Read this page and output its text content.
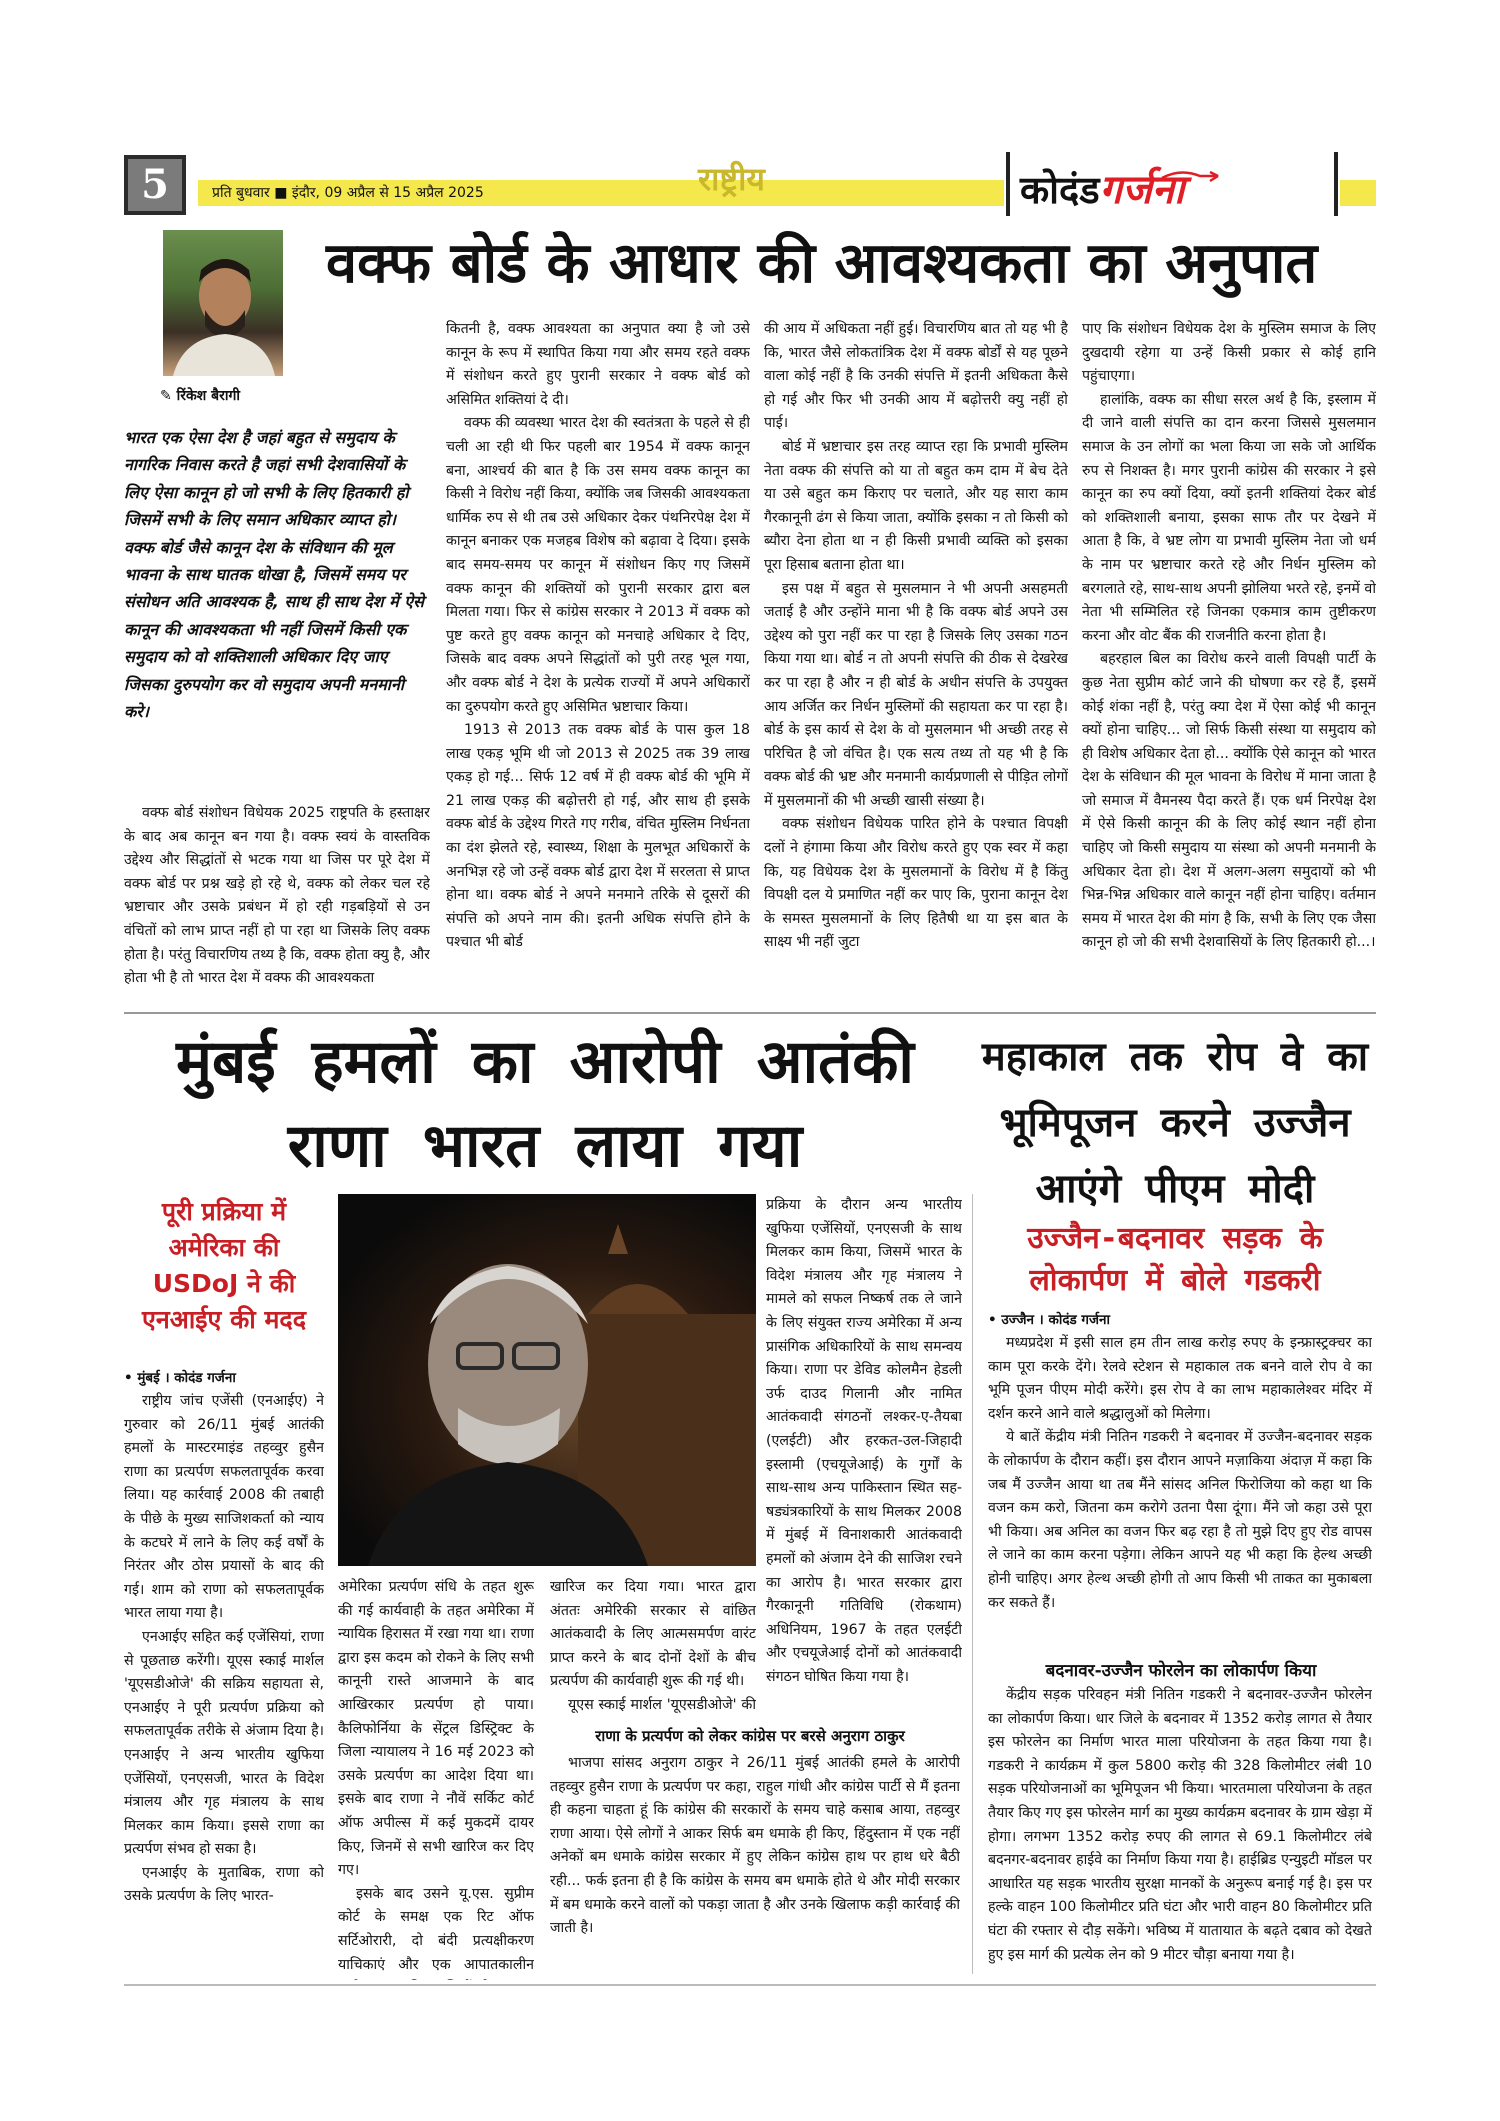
5	प्रति बुधवार ■ इंदौर, 09 अप्रैल से 15 अप्रैल 2025	राष्ट्रीय	कोदंडगर्जना
✎ रिंकेश बैरागी
वक्फ बोर्ड के आधार की आवश्यकता का अनुपात
भारत एक ऐसा देश है जहां बहुत से समुदाय के नागरिक निवास करते है जहां सभी देशवासियों के लिए ऐसा कानून हो जो सभी के लिए हितकारी हो जिसमें सभी के लिए समान अधिकार व्याप्त हो। वक्फ बोर्ड जैसे कानून देश के संविधान की मूल भावना के साथ घातक धोखा है, जिसमें समय पर संसोधन अति आवश्यक है, साथ ही साथ देश में ऐसे कानून की आवश्यकता भी नहीं जिसमें किसी एक समुदाय को वो शक्तिशाली अधिकार दिए जाए जिसका दुरुपयोग कर वो समुदाय अपनी मनमानी करे।

वक्फ बोर्ड संशोधन विधेयक 2025 राष्ट्रपति के हस्ताक्षर के बाद अब कानून बन गया है। वक्फ स्वयं के वास्तविक उद्देश्य और सिद्धांतों से भटक गया था जिस पर पूरे देश में वक्फ बोर्ड पर प्रश्न खड़े हो रहे थे, वक्फ को लेकर चल रहे भ्रष्टाचार और उसके प्रबंधन में हो रही गड़बड़ियों से उन वंचितों को लाभ प्राप्त नहीं हो पा रहा था जिसके लिए वक्फ होता है। परंतु विचारणिय तथ्य है कि, वक्फ होता क्यु है, और होता भी है तो भारत देश में वक्फ की आवश्यकता

कितनी है, वक्फ आवश्यता का अनुपात क्या है जो उसे कानून के रूप में स्थापित किया गया और समय रहते वक्फ में संशोधन करते हुए पुरानी सरकार ने वक्फ बोर्ड को असिमित शक्तियां दे दी।

वक्फ की व्यवस्था भारत देश की स्वतंत्रता के पहले से ही चली आ रही थी फिर पहली बार 1954 में वक्फ कानून बना, आश्चर्य की बात है कि उस समय वक्फ कानून का किसी ने विरोध नहीं किया, क्योंकि जब जिसकी आवश्यकता धार्मिक रुप से थी तब उसे अधिकार देकर पंथनिरपेक्ष देश में कानून बनाकर एक मजहब विशेष को बढ़ावा दे दिया। इसके बाद समय-समय पर कानून में संशोधन किए गए जिसमें वक्फ कानून की शक्तियों को पुरानी सरकार द्वारा बल मिलता गया। फिर से कांग्रेस सरकार ने 2013 में वक्फ को पुष्ट करते हुए वक्फ कानून को मनचाहे अधिकार दे दिए, जिसके बाद वक्फ अपने सिद्धांतों को पुरी तरह भूल गया, और वक्फ बोर्ड ने देश के प्रत्येक राज्यों में अपने अधिकारों का दुरुपयोग करते हुए असिमित भ्रष्टाचार किया।

1913 से 2013 तक वक्फ बोर्ड के पास कुल 18 लाख एकड़ भूमि थी जो 2013 से 2025 तक 39 लाख एकड़ हो गई... सिर्फ 12 वर्ष में ही वक्फ बोर्ड की भूमि में 21 लाख एकड़ की बढ़ोत्तरी हो गई, और साथ ही इसके वक्फ बोर्ड के उद्देश्य गिरते गए गरीब, वंचित मुस्लिम निर्धनता का दंश झेलते रहे, स्वास्थ्य, शिक्षा के मुलभूत अधिकारों के अनभिज्ञ रहे जो उन्हें वक्फ बोर्ड द्वारा देश में सरलता से प्राप्त होना था। वक्फ बोर्ड ने अपने मनमाने तरिके से दूसरों की संपत्ति को अपने नाम की। इतनी अधिक संपत्ति होने के पश्चात भी बोर्ड

की आय में अधिकता नहीं हुई। विचारणिय बात तो यह भी है कि, भारत जैसे लोकतांत्रिक देश में वक्फ बोर्डों से यह पूछने वाला कोई नहीं है कि उनकी संपत्ति में इतनी अधिकता कैसे हो गई और फिर भी उनकी आय में बढ़ोत्तरी क्यु नहीं हो पाई।

बोर्ड में भ्रष्टाचार इस तरह व्याप्त रहा कि प्रभावी मुस्लिम नेता वक्फ की संपत्ति को या तो बहुत कम दाम में बेच देते या उसे बहुत कम किराए पर चलाते, और यह सारा काम गैरकानूनी ढंग से किया जाता, क्योंकि इसका न तो किसी को ब्यौरा देना होता था न ही किसी प्रभावी व्यक्ति को इसका पूरा हिसाब बताना होता था।

इस पक्ष में बहुत से मुसलमान ने भी अपनी असहमती जताई है और उन्होंने माना भी है कि वक्फ बोर्ड अपने उस उद्देश्य को पुरा नहीं कर पा रहा है जिसके लिए उसका गठन किया गया था। बोर्ड न तो अपनी संपत्ति की ठीक से देखरेख कर पा रहा है और न ही बोर्ड के अधीन संपत्ति के उपयुक्त आय अर्जित कर निर्धन मुस्लिमों की सहायता कर पा रहा है। बोर्ड के इस कार्य से देश के वो मुसलमान भी अच्छी तरह से परिचित है जो वंचित है। एक सत्य तथ्य तो यह भी है कि वक्फ बोर्ड की भ्रष्ट और मनमानी कार्यप्रणाली से पीड़ित लोगों में मुसलमानों की भी अच्छी खासी संख्या है।

वक्फ संशोधन विधेयक पारित होने के पश्चात विपक्षी दलों ने हंगामा किया और विरोध करते हुए एक स्वर में कहा कि, यह विधेयक देश के मुसलमानों के विरोध में है किंतु विपक्षी दल ये प्रमाणित नहीं कर पाए कि, पुराना कानून देश के समस्त मुसलमानों के लिए हितैषी था या इस बात के साक्ष्य भी नहीं जुटा

पाए कि संशोधन विधेयक देश के मुस्लिम समाज के लिए दुखदायी रहेगा या उन्हें किसी प्रकार से कोई हानि पहुंचाएगा।

हालांकि, वक्फ का सीधा सरल अर्थ है कि, इस्लाम में दी जाने वाली संपत्ति का दान करना जिससे मुसलमान समाज के उन लोगों का भला किया जा सके जो आर्थिक रुप से निशक्त है। मगर पुरानी कांग्रेस की सरकार ने इसे कानून का रुप क्यों दिया, क्यों इतनी शक्तियां देकर बोर्ड को शक्तिशाली बनाया, इसका साफ तौर पर देखने में आता है कि, वे भ्रष्ट लोग या प्रभावी मुस्लिम नेता जो धर्म के नाम पर भ्रष्टाचार करते रहे और निर्धन मुस्लिम को बरगलाते रहे, साथ-साथ अपनी झोलिया भरते रहे, इनमें वो नेता भी सम्मिलित रहे जिनका एकमात्र काम तुष्टीकरण करना और वोट बैंक की राजनीति करना होता है।

बहरहाल बिल का विरोध करने वाली विपक्षी पार्टी के कुछ नेता सुप्रीम कोर्ट जाने की घोषणा कर रहे हैं, इसमें कोई शंका नहीं है, परंतु क्या देश में ऐसा कोई भी कानून क्यों होना चाहिए... जो सिर्फ किसी संस्था या समुदाय को ही विशेष अधिकार देता हो... क्योंकि ऐसे कानून को भारत देश के संविधान की मूल भावना के विरोध में माना जाता है जो समाज में वैमनस्य पैदा करते हैं। एक धर्म निरपेक्ष देश में ऐसे किसी कानून की के लिए कोई स्थान नहीं होना चाहिए जो किसी समुदाय या संस्था को अपनी मनमानी के अधिकार देता हो। देश में अलग-अलग समुदायों को भी भिन्न-भिन्न अधिकार वाले कानून नहीं होना चाहिए। वर्तमान समय में भारत देश की मांग है कि, सभी के लिए एक जैसा कानून हो जो की सभी देशवासियों के लिए हितकारी हो...।

मुंबई हमलों का आरोपी आतंकी
राणा भारत लाया गया
पूरी प्रक्रिया में
अमेरिका की
USDoJ ने की
एनआईए की मदद
• मुंबई । कोदंड गर्जना

राष्ट्रीय जांच एजेंसी (एनआईए) ने गुरुवार को 26/11 मुंबई आतंकी हमलों के मास्टरमाइंड तहव्वुर हुसैन राणा का प्रत्यर्पण सफलतापूर्वक करवा लिया। यह कार्रवाई 2008 की तबाही के पीछे के मुख्य साजिशकर्ता को न्याय के कटघरे में लाने के लिए कई वर्षों के निरंतर और ठोस प्रयासों के बाद की गई। शाम को राणा को सफलतापूर्वक भारत लाया गया है।

एनआईए सहित कई एजेंसियां, राणा से पूछताछ करेंगी। यूएस स्काई मार्शल 'यूएसडीओजे' की सक्रिय सहायता से, एनआईए ने पूरी प्रत्यर्पण प्रक्रिया को सफलतापूर्वक तरीके से अंजाम दिया है। एनआईए ने अन्य भारतीय खुफिया एजेंसियों, एनएसजी, भारत के विदेश मंत्रालय और गृह मंत्रालय के साथ मिलकर काम किया। इससे राणा का प्रत्यर्पण संभव हो सका है।

एनआईए के मुताबिक, राणा को उसके प्रत्यर्पण के लिए भारत-

अमेरिका प्रत्यर्पण संधि के तहत शुरू की गई कार्यवाही के तहत अमेरिका में न्यायिक हिरासत में रखा गया था। राणा द्वारा इस कदम को रोकने के लिए सभी कानूनी रास्ते आजमाने के बाद आखिरकार प्रत्यर्पण हो पाया। कैलिफोर्निया के सेंट्रल डिस्ट्रिक्ट के जिला न्यायालय ने 16 मई 2023 को उसके प्रत्यर्पण का आदेश दिया था। इसके बाद राणा ने नौवें सर्किट कोर्ट ऑफ अपील्स में कई मुकदमें दायर किए, जिनमें से सभी खारिज कर दिए गए।

इसके बाद उसने यू.एस. सुप्रीम कोर्ट के समक्ष एक रिट ऑफ सर्टिओरारी, दो बंदी प्रत्यक्षीकरण याचिकाएं और एक आपातकालीन

खारिज कर दिया गया। भारत द्वारा अंततः अमेरिकी सरकार से वांछित आतंकवादी के लिए आत्मसमर्पण वारंट प्राप्त करने के बाद दोनों देशों के बीच प्रत्यर्पण की कार्यवाही शुरू की गई थी।

यूएस स्काई मार्शल 'यूएसडीओजे' की

प्रक्रिया के दौरान अन्य भारतीय खुफिया एजेंसियों, एनएसजी के साथ मिलकर काम किया, जिसमें भारत के विदेश मंत्रालय और गृह मंत्रालय ने मामले को सफल निष्कर्ष तक ले जाने के लिए संयुक्त राज्य अमेरिका में अन्य प्रासंगिक अधिकारियों के साथ समन्वय किया। राणा पर डेविड कोलमैन हेडली उर्फ दाउद गिलानी और नामित आतंकवादी संगठनों लश्कर-ए-तैयबा (एलईटी) और हरकत-उल-जिहादी इस्लामी (एचयूजेआई) के गुर्गों के साथ-साथ अन्य पाकिस्तान स्थित सह-षड्यंत्रकारियों के साथ मिलकर 2008 में मुंबई में विनाशकारी आतंकवादी हमलों को अंजाम देने की साजिश रचने का आरोप है। भारत सरकार द्वारा गैरकानूनी गतिविधि (रोकथाम) अधिनियम, 1967 के तहत एलईटी और एचयूजेआई दोनों को आतंकवादी संगठन घोषित किया गया है।

राणा के प्रत्यर्पण को लेकर कांग्रेस पर बरसे अनुराग ठाकुर

भाजपा सांसद अनुराग ठाकुर ने 26/11 मुंबई आतंकी हमले के आरोपी तहव्वुर हुसैन राणा के प्रत्यर्पण पर कहा, राहुल गांधी और कांग्रेस पार्टी से मैं इतना ही कहना चाहता हूं कि कांग्रेस की सरकारों के समय चाहे कसाब आया, तहव्वुर राणा आया। ऐसे लोगों ने आकर सिर्फ बम धमाके ही किए, हिंदुस्तान में एक नहीं अनेकों बम धमाके कांग्रेस सरकार में हुए लेकिन कांग्रेस हाथ पर हाथ धरे बैठी रही... फर्क इतना ही है कि कांग्रेस के समय बम धमाके होते थे और मोदी सरकार में बम धमाके करने वालों को पकड़ा जाता है और उनके खिलाफ कड़ी कार्रवाई की जाती है।

महाकाल तक रोप वे का
भूमिपूजन करने उज्जैन
आएंगे पीएम मोदी
उज्जैन-बदनावर सड़क के
लोकार्पण में बोले गडकरी
• उज्जैन । कोदंड गर्जना

मध्यप्रदेश में इसी साल हम तीन लाख करोड़ रुपए के इन्फ्रास्ट्रक्चर का काम पूरा करके देंगे। रेलवे स्टेशन से महाकाल तक बनने वाले रोप वे का भूमि पूजन पीएम मोदी करेंगे। इस रोप वे का लाभ महाकालेश्वर मंदिर में दर्शन करने आने वाले श्रद्धालुओं को मिलेगा।

ये बातें केंद्रीय मंत्री नितिन गडकरी ने बदनावर में उज्जैन-बदनावर सड़क के लोकार्पण के दौरान कहीं। इस दौरान आपने मज़ाकिया अंदाज़ में कहा कि जब मैं उज्जैन आया था तब मैंने सांसद अनिल फिरोजिया को कहा था कि वजन कम करो, जितना कम करोगे उतना पैसा दूंगा। मैंने जो कहा उसे पूरा भी किया। अब अनिल का वजन फिर बढ़ रहा है तो मुझे दिए हुए रोड वापस ले जाने का काम करना पड़ेगा। लेकिन आपने यह भी कहा कि हेल्थ अच्छी होनी चाहिए। अगर हेल्थ अच्छी होगी तो आप किसी भी ताकत का मुकाबला कर सकते हैं।

बदनावर-उज्जैन फोरलेन का लोकार्पण किया

केंद्रीय सड़क परिवहन मंत्री नितिन गडकरी ने बदनावर-उज्जैन फोरलेन का लोकार्पण किया। धार जिले के बदनावर में 1352 करोड़ लागत से तैयार इस फोरलेन का निर्माण भारत माला परियोजना के तहत किया गया है। गडकरी ने कार्यक्रम में कुल 5800 करोड़ की 328 किलोमीटर लंबी 10 सड़क परियोजनाओं का भूमिपूजन भी किया। भारतमाला परियोजना के तहत तैयार किए गए इस फोरलेन मार्ग का मुख्य कार्यक्रम बदनावर के ग्राम खेड़ा में होगा। लगभग 1352 करोड़ रुपए की लागत से 69.1 किलोमीटर लंबे बदनगर-बदनावर हाईवे का निर्माण किया गया है। हाईब्रिड एन्युइटी मॉडल पर आधारित यह सड़क भारतीय सुरक्षा मानकों के अनुरूप बनाई गई है। इस पर हल्के वाहन 100 किलोमीटर प्रति घंटा और भारी वाहन 80 किलोमीटर प्रति घंटा की रफ्तार से दौड़ सकेंगे। भविष्य में यातायात के बढ़ते दबाव को देखते हुए इस मार्ग की प्रत्येक लेन को 9 मीटर चौड़ा बनाया गया है।
